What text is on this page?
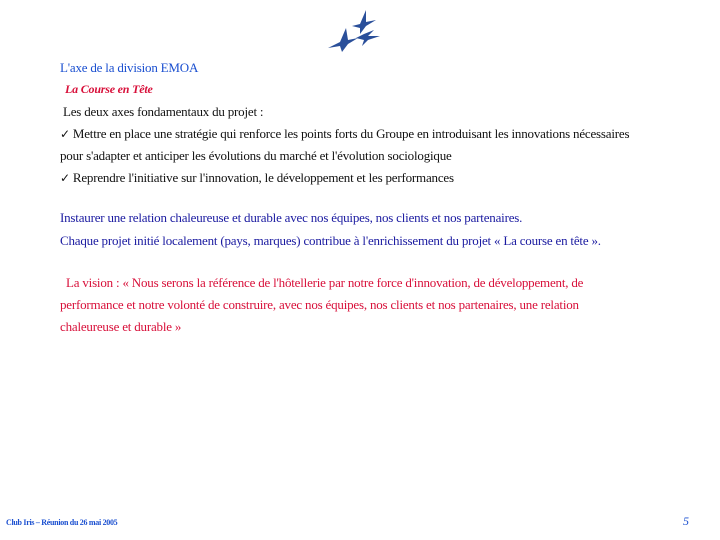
L'axe de la division EMOA
La Course en Tête
Les deux axes fondamentaux du projet :
✓ Mettre en place une stratégie qui renforce les points forts du Groupe en introduisant les innovations nécessaires
pour s'adapter et anticiper les évolutions du marché et l'évolution sociologique
✓ Reprendre l'initiative sur l'innovation, le développement et les performances
Instaurer une relation chaleureuse et durable avec nos équipes, nos clients et nos partenaires.
Chaque projet initié localement (pays, marques) contribue à l'enrichissement du projet « La course en tête ».
La vision : « Nous serons la référence de l'hôtellerie par notre force d'innovation, de développement, de
performance et notre volonté de construire, avec nos équipes, nos clients et nos partenaires, une relation
chaleureuse et durable »
Club Iris – Réunion du 26 mai 2005	5
